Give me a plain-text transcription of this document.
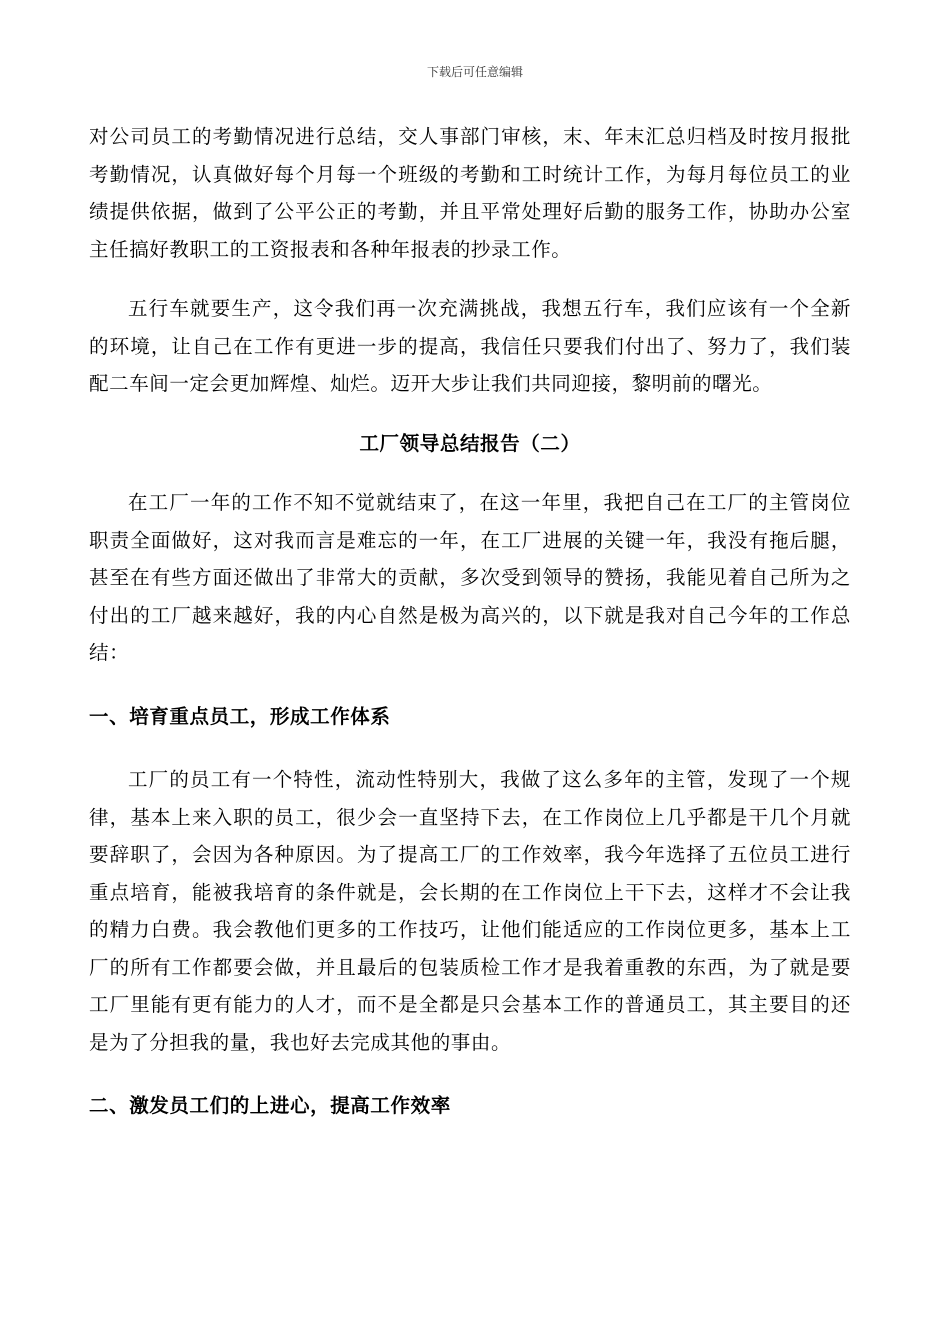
下载后可任意编辑

对公司员工的考勤情况进行总结，交人事部门审核，末、年末汇总归档及时按月报批考勤情况，认真做好每个月每一个班级的考勤和工时统计工作，为每月每位员工的业绩提供依据，做到了公平公正的考勤，并且平常处理好后勤的服务工作，协助办公室主任搞好教职工的工资报表和各种年报表的抄录工作。

五行车就要生产，这令我们再一次充满挑战，我想五行车，我们应该有一个全新的环境，让自己在工作有更进一步的提高，我信任只要我们付出了、努力了，我们装配二车间一定会更加辉煌、灿烂。迈开大步让我们共同迎接，黎明前的曙光。

工厂领导总结报告（二）

在工厂一年的工作不知不觉就结束了，在这一年里，我把自己在工厂的主管岗位职责全面做好，这对我而言是难忘的一年，在工厂进展的关键一年，我没有拖后腿，甚至在有些方面还做出了非常大的贡献，多次受到领导的赞扬，我能见着自己所为之付出的工厂越来越好，我的内心自然是极为高兴的，以下就是我对自己今年的工作总结：

一、培育重点员工，形成工作体系

工厂的员工有一个特性，流动性特别大，我做了这么多年的主管，发现了一个规律，基本上来入职的员工，很少会一直坚持下去，在工作岗位上几乎都是干几个月就要辞职了，会因为各种原因。为了提高工厂的工作效率，我今年选择了五位员工进行重点培育，能被我培育的条件就是，会长期的在工作岗位上干下去，这样才不会让我的精力白费。我会教他们更多的工作技巧，让他们能适应的工作岗位更多，基本上工厂的所有工作都要会做，并且最后的包装质检工作才是我着重教的东西，为了就是要工厂里能有更有能力的人才，而不是全都是只会基本工作的普通员工，其主要目的还是为了分担我的量，我也好去完成其他的事由。

二、激发员工们的上进心，提高工作效率
